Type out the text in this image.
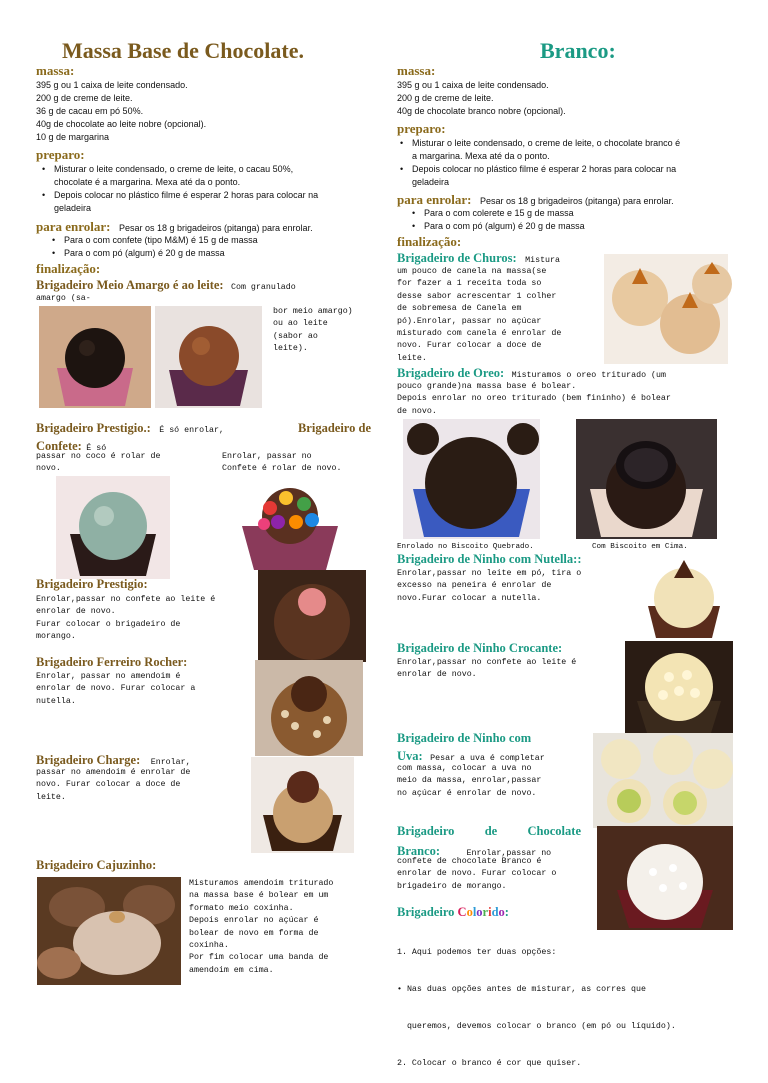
Massa Base de Chocolate.
massa:
395 g ou 1 caixa de leite condensado.
200 g de creme de leite.
36 g de cacau em pó 50%.
40g de chocolate ao leite nobre (opcional).
10 g de margarina
preparo:
• Misturar o leite condensado, o creme de leite, o cacau 50%,
chocolate é a margarina. Mexa até da o ponto.
• Depois colocar no plástico filme é esperar 2 horas para colocar na
geladeira
para enrolar: Pesar os 18 g brigadeiros (pitanga) para enrolar.
• Para o com confete (tipo M&M) é 15 g de massa
• Para o com pó (algum) é 20 g de massa
finalização:
Brigadeiro Meio Amargo é ao leite: Com granulado
amargo (sa-
bor meio amargo)
ou ao leite
(sabor ao
leite).
Brigadeiro Prestigio.: É só enrolar,	Brigadeiro de
Confete: É só
passar no coco é rolar de
novo.
Enrolar, passar no
Confete é rolar de novo.
Brigadeiro Prestigio:
Enrolar,passar no confete ao leite é
enrolar de novo.
Furar colocar o brigadeiro de
morango.
Brigadeiro Ferreiro Rocher:
Enrolar, passar no amendoim é
enrolar de novo. Furar colocar a
nutella.
Brigadeiro Charge: Enrolar,
passar no amendoim é enrolar de
novo. Furar colocar a doce de
leite.
Brigadeiro Cajuzinho:
Misturamos amendoim triturado
na massa base é bolear em um
formato meio coxinha.
Depois enrolar no açúcar é
bolear de novo em forma de
coxinha.
Por fim colocar uma banda de
amendoim em cima.
Branco:
massa:
395 g ou 1 caixa de leite condensado.
200 g de creme de leite.
40g de chocolate branco nobre (opcional).
preparo:
• Misturar o leite condensado, o creme de leite, o chocolate branco é
a margarina. Mexa até da o ponto.
• Depois colocar no plástico filme é esperar 2 horas para colocar na
geladeira
para enrolar: Pesar os 18 g brigadeiros (pitanga) para enrolar.
• Para o com colerete e 15 g de massa
• Para o com pó (algum) é 20 g de massa
finalização:
Brigadeiro de Churos: Mistura
um pouco de canela na massa(se
for fazer a 1 receita toda so
desse sabor acrescentar 1 colher
de sobremesa de Canela em
pó).Enrolar, passar no açúcar
misturado com canela é enrolar de
novo. Furar colocar a doce de
leite.
Brigadeiro de Oreo: Misturamos o oreo triturado (um
pouco grande)na massa base é bolear.
Depois enrolar no oreo triturado (bem fininho) é bolear
de novo.
Enrolado no Biscoito Quebrado.	Com Biscoito em Cima.
Brigadeiro de Ninho com Nutella::
Enrolar,passar no leite em pó, tira o
excesso na peneira é enrolar de
novo.Furar colocar a nutella.
Brigadeiro de Ninho Crocante:
Enrolar,passar no confete ao leite é
enrolar de novo.
Brigadeiro de Ninho com
Uva: Pesar a uva é completar
com massa, colocar a uva no
meio da massa, enrolar,passar
no açúcar é enrolar de novo.
Brigadeiro de Chocolate
Branco:	Enrolar,passar no
confete de chocolate Branco é
enrolar de novo. Furar colocar o
brigadeiro de morango.
Brigadeiro Colorido:

1. Aqui podemos ter duas opções:

• Nas duas opções antes de misturar, as corres que

queremos, devemos colocar o branco (em pó ou líquido).

2. Colocar o branco é cor que quiser.
